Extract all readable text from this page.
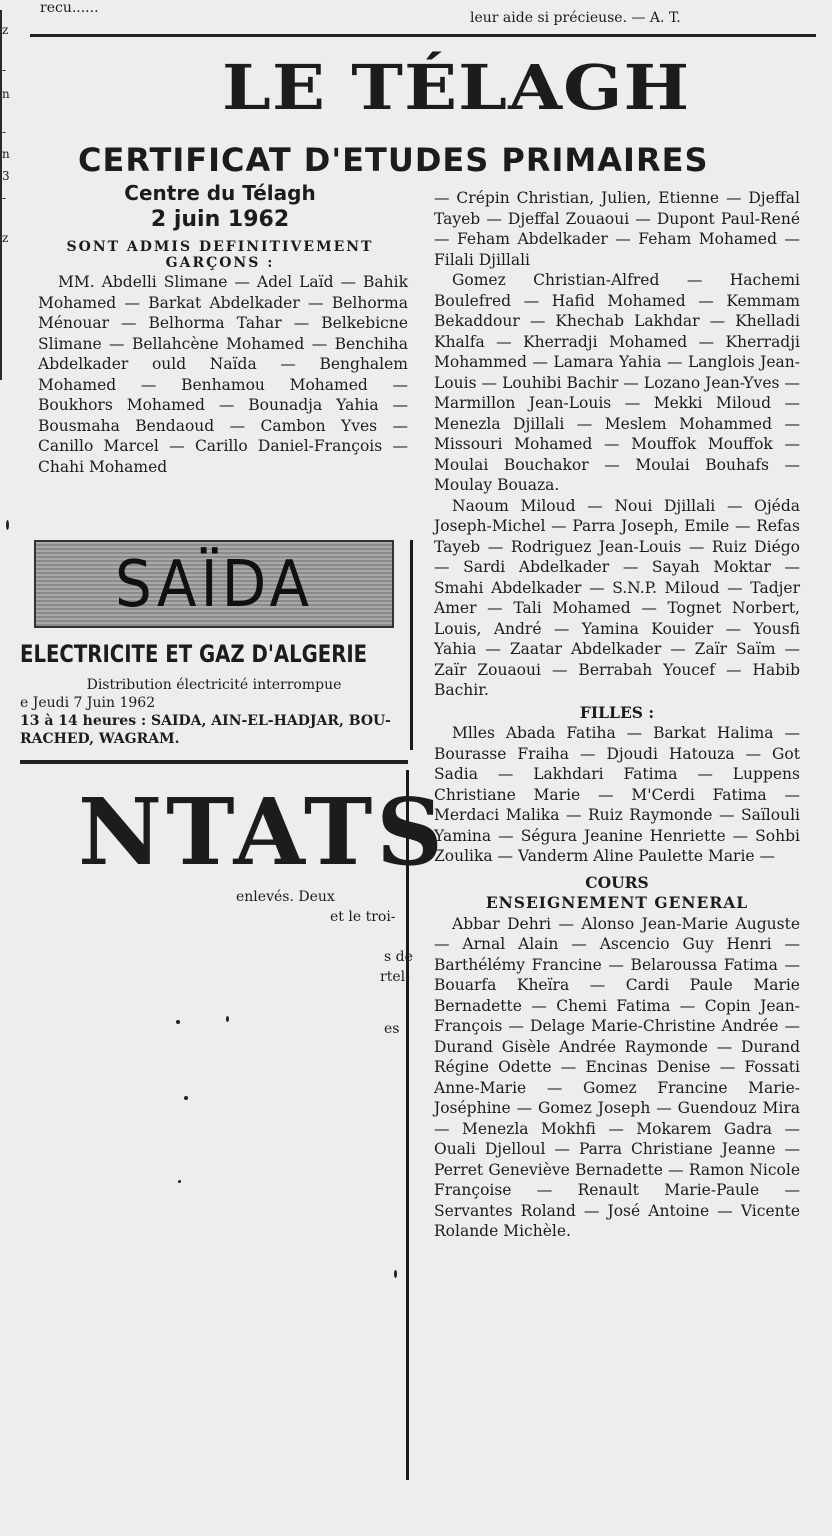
z
-
n
-
n
3
-
z
recu......
leur aide si précieuse. — A. T.
LE TÉLAGH
CERTIFICAT D'ETUDES PRIMAIRES
Centre du Télagh
2 juin 1962
SONT ADMIS DEFINITIVEMENT
GARÇONS :

MM. Abdelli Slimane — Adel Laïd — Bahik Mohamed — Barkat Abdelkader — Belhorma Ménouar — Belhorma Tahar — Belkebicne Slimane — Bellahcène Mohamed — Benchiha Abdelkader ould Naïda — Benghalem Mohamed — Benhamou Mohamed — Boukhors Mohamed — Bounadja Yahia — Bousmaha Bendaoud — Cambon Yves — Canillo Marcel — Carillo Daniel-François — Chahi Mohamed

SAÏDA
ELECTRICITE ET GAZ D'ALGERIE

Distribution électricité interrompue

e Jeudi 7 Juin 1962

13 à 14 heures : SAIDA, AIN-EL-HADJAR, BOU-RACHED, WAGRAM.

NTATS
enlevés. Deux
et le troi-
s de
rtel-
es

— Crépin Christian, Julien, Etienne — Djeffal Tayeb — Djeffal Zouaoui — Dupont Paul-René — Feham Abdelkader — Feham Mohamed — Filali Djillali

Gomez Christian-Alfred — Hachemi Boulefred — Hafid Mohamed — Kemmam Bekaddour — Khechab Lakhdar — Khelladi Khalfa — Kherradji Mohamed — Kherradji Mohammed — Lamara Yahia — Langlois Jean-Louis — Louhibi Bachir — Lozano Jean-Yves — Marmillon Jean-Louis — Mekki Miloud — Menezla Djillali — Meslem Mohammed — Missouri Mohamed — Mouffok Mouffok — Moulai Bouchakor — Moulai Bouhafs — Moulay Bouaza.

Naoum Miloud — Noui Djillali — Ojéda Joseph-Michel — Parra Joseph, Emile — Refas Tayeb — Rodriguez Jean-Louis — Ruiz Diégo — Sardi Abdelkader — Sayah Moktar — Smahi Abdelkader — S.N.P. Miloud — Tadjer Amer — Tali Mohamed — Tognet Norbert, Louis, André — Yamina Kouider — Yousfi Yahia — Zaatar Abdelkader — Zaïr Saïm — Zaïr Zouaoui — Berrabah Youcef — Habib Bachir.

FILLES :

Mlles Abada Fatiha — Barkat Halima — Bourasse Fraiha — Djoudi Hatouza — Got Sadia — Lakhdari Fatima — Luppens Christiane Marie — M'Cerdi Fatima — Merdaci Malika — Ruiz Raymonde — Saïlouli Yamina — Ségura Jeanine Henriette — Sohbi Zoulika — Vanderm Aline Paulette Marie —

COURS

ENSEIGNEMENT GENERAL

Abbar Dehri — Alonso Jean-Marie Auguste — Arnal Alain — Ascencio Guy Henri — Barthélémy Francine — Belaroussa Fatima — Bouarfa Kheïra — Cardi Paule Marie Bernadette — Chemi Fatima — Copin Jean-François — Delage Marie-Christine Andrée — Durand Gisèle Andrée Raymonde — Durand Régine Odette — Encinas Denise — Fossati Anne-Marie — Gomez Francine Marie-Joséphine — Gomez Joseph — Guendouz Mira — Menezla Mokhfi — Mokarem Gadra — Ouali Djelloul — Parra Christiane Jeanne — Perret Geneviève Bernadette — Ramon Nicole Françoise — Renault Marie-Paule — Servantes Roland — José Antoine — Vicente Rolande Michèle.
